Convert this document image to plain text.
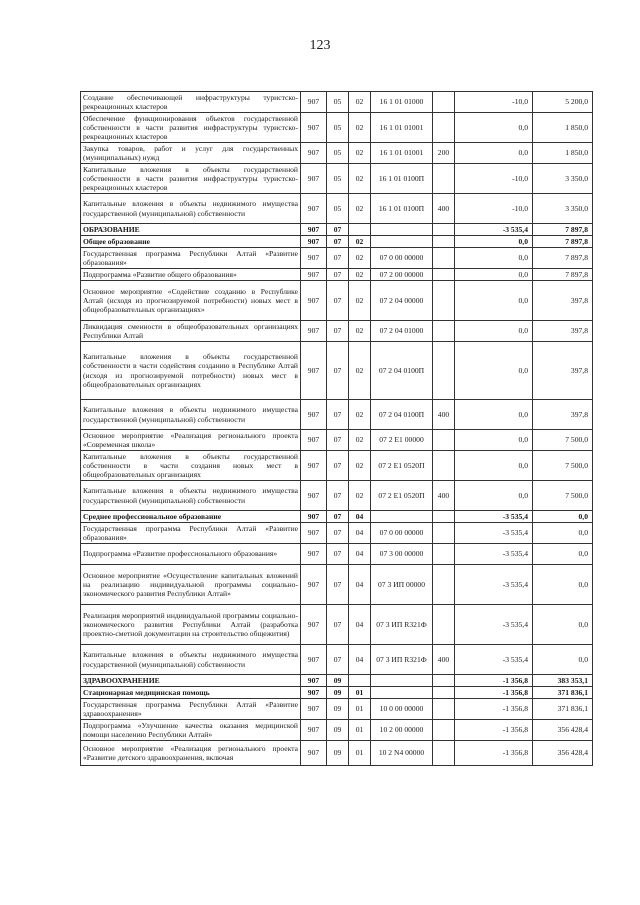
123
Создание обеспечивающей инфраструктуры туристско-рекреационных кластеров	907	05	02	16 1 01 01000		-10,0	5 200,0
Обеспечение функционирования объектов государственной собственности в части развития инфраструктуры туристско-рекреационных кластеров	907	05	02	16 1 01 01001		0,0	1 850,0
Закупка товаров, работ и услуг для государственных (муниципальных) нужд	907	05	02	16 1 01 01001	200	0,0	1 850,0
Капитальные вложения в объекты государственной собственности в части развития инфраструктуры туристско-рекреационных кластеров	907	05	02	16 1 01 0100П		-10,0	3 350,0
Капитальные вложения в объекты недвижимого имущества государственной (муниципальной) собственности	907	05	02	16 1 01 0100П	400	-10,0	3 350,0
ОБРАЗОВАНИЕ	907	07				-3 535,4	7 897,8
Общее образование	907	07	02			0,0	7 897,8
Государственная программа Республики Алтай «Развитие образования»	907	07	02	07 0 00 00000		0,0	7 897,8
Подпрограмма «Развитие общего образования»	907	07	02	07 2 00 00000		0,0	7 897,8
Основное мероприятие «Содействие созданию в Республике Алтай (исходя из прогнозируемой потребности) новых мест в общеобразовательных организациях»	907	07	02	07 2 04 00000		0,0	397,8
Ликвидация сменности в общеобразовательных организациях Республики Алтай	907	07	02	07 2 04 01000		0,0	397,8
Капитальные вложения в объекты государственной собственности в части содействия созданию в Республике Алтай (исходя из прогнозируемой потребности) новых мест в общеобразовательных организациях	907	07	02	07 2 04 0100П		0,0	397,8
Капитальные вложения в объекты недвижимого имущества государственной (муниципальной) собственности	907	07	02	07 2 04 0100П	400	0,0	397,8
Основное мероприятие «Реализация регионального проекта «Современная школа»	907	07	02	07 2 E1 00000		0,0	7 500,0
Капитальные вложения в объекты государственной собственности в части создания новых мест в общеобразовательных организациях	907	07	02	07 2 E1 0520П		0,0	7 500,0
Капитальные вложения в объекты недвижимого имущества государственной (муниципальной) собственности	907	07	02	07 2 E1 0520П	400	0,0	7 500,0
Среднее профессиональное образование	907	07	04			-3 535,4	0,0
Государственная программа Республики Алтай «Развитие образования»	907	07	04	07 0 00 00000		-3 535,4	0,0
Подпрограмма «Развитие профессионального образования»	907	07	04	07 3 00 00000		-3 535,4	0,0
Основное мероприятие «Осуществление капитальных вложений на реализацию индивидуальной программы социально-экономического развития Республики Алтай»	907	07	04	07 3 ИП 00000		-3 535,4	0,0
Реализация мероприятий индивидуальной программы социально-экономического развития Республики Алтай (разработка проектно-сметной документации на строительство общежития)	907	07	04	07 3 ИП R321Ф		-3 535,4	0,0
Капитальные вложения в объекты недвижимого имущества государственной (муниципальной) собственности	907	07	04	07 3 ИП R321Ф	400	-3 535,4	0,0
ЗДРАВООХРАНЕНИЕ	907	09				-1 356,8	383 353,1
Стационарная медицинская помощь	907	09	01			-1 356,8	371 836,1
Государственная программа Республики Алтай «Развитие здравоохранения»	907	09	01	10 0 00 00000		-1 356,8	371 836,1
Подпрограмма «Улучшение качества оказания медицинской помощи населению Республики Алтай»	907	09	01	10 2 00 00000		-1 356,8	356 428,4
Основное мероприятие «Реализация регионального проекта «Развитие детского здравоохранения, включая	907	09	01	10 2 N4 00000		-1 356,8	356 428,4
